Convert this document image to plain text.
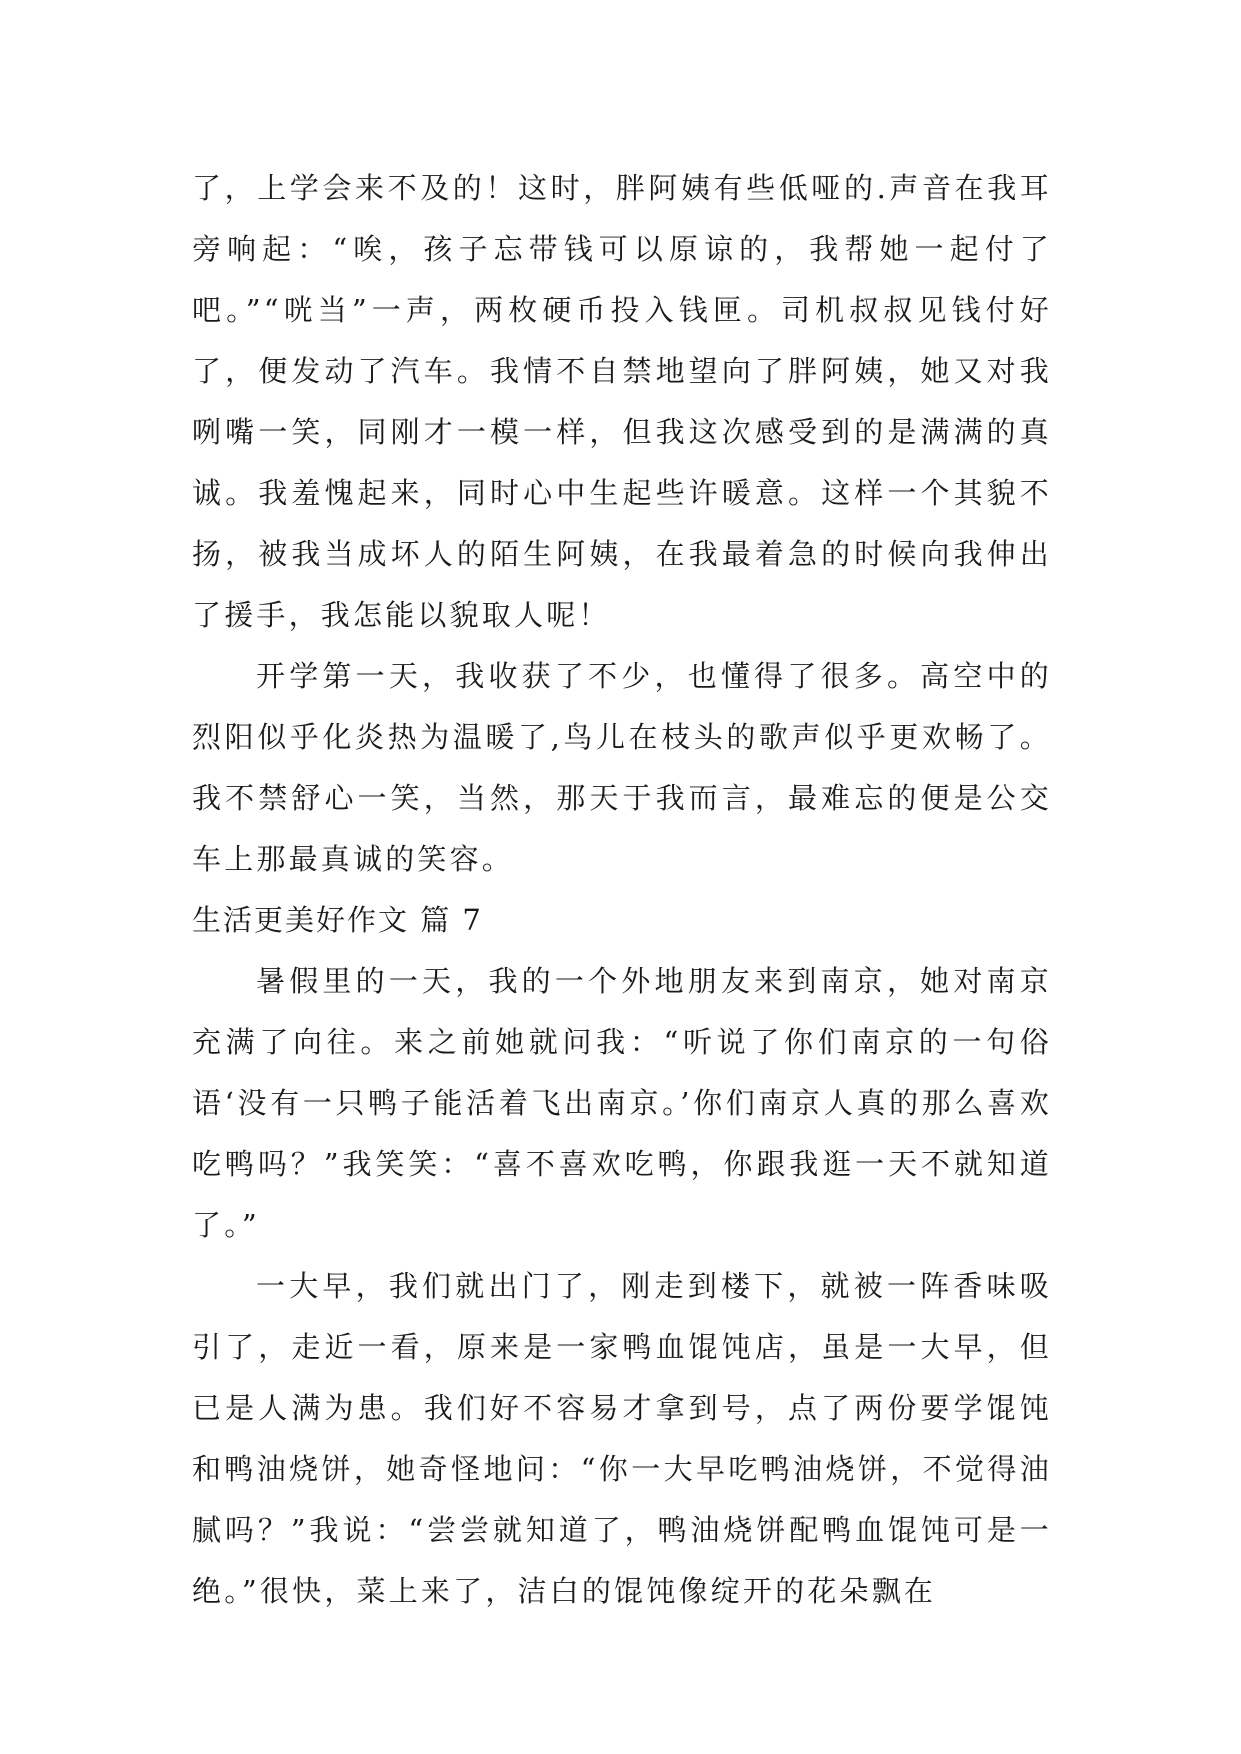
了，上学会来不及的！这时，胖阿姨有些低哑的.声音在我耳旁响起：“唉，孩子忘带钱可以原谅的，我帮她一起付了吧。”“咣当”一声，两枚硬币投入钱匣。司机叔叔见钱付好了，便发动了汽车。我情不自禁地望向了胖阿姨，她又对我咧嘴一笑，同刚才一模一样，但我这次感受到的是满满的真诚。我羞愧起来，同时心中生起些许暖意。这样一个其貌不扬，被我当成坏人的陌生阿姨，在我最着急的时候向我伸出了援手，我怎能以貌取人呢！

开学第一天，我收获了不少，也懂得了很多。高空中的烈阳似乎化炎热为温暖了,鸟儿在枝头的歌声似乎更欢畅了。我不禁舒心一笑，当然，那天于我而言，最难忘的便是公交车上那最真诚的笑容。

生活更美好作文 篇 7

暑假里的一天，我的一个外地朋友来到南京，她对南京充满了向往。来之前她就问我：“听说了你们南京的一句俗语‘没有一只鸭子能活着飞出南京。’你们南京人真的那么喜欢吃鸭吗？”我笑笑：“喜不喜欢吃鸭，你跟我逛一天不就知道了。”

一大早，我们就出门了，刚走到楼下，就被一阵香味吸引了，走近一看，原来是一家鸭血馄饨店，虽是一大早，但已是人满为患。我们好不容易才拿到号，点了两份要学馄饨和鸭油烧饼，她奇怪地问：“你一大早吃鸭油烧饼，不觉得油腻吗？”我说：“尝尝就知道了，鸭油烧饼配鸭血馄饨可是一绝。”很快，菜上来了，洁白的馄饨像绽开的花朵飘在
